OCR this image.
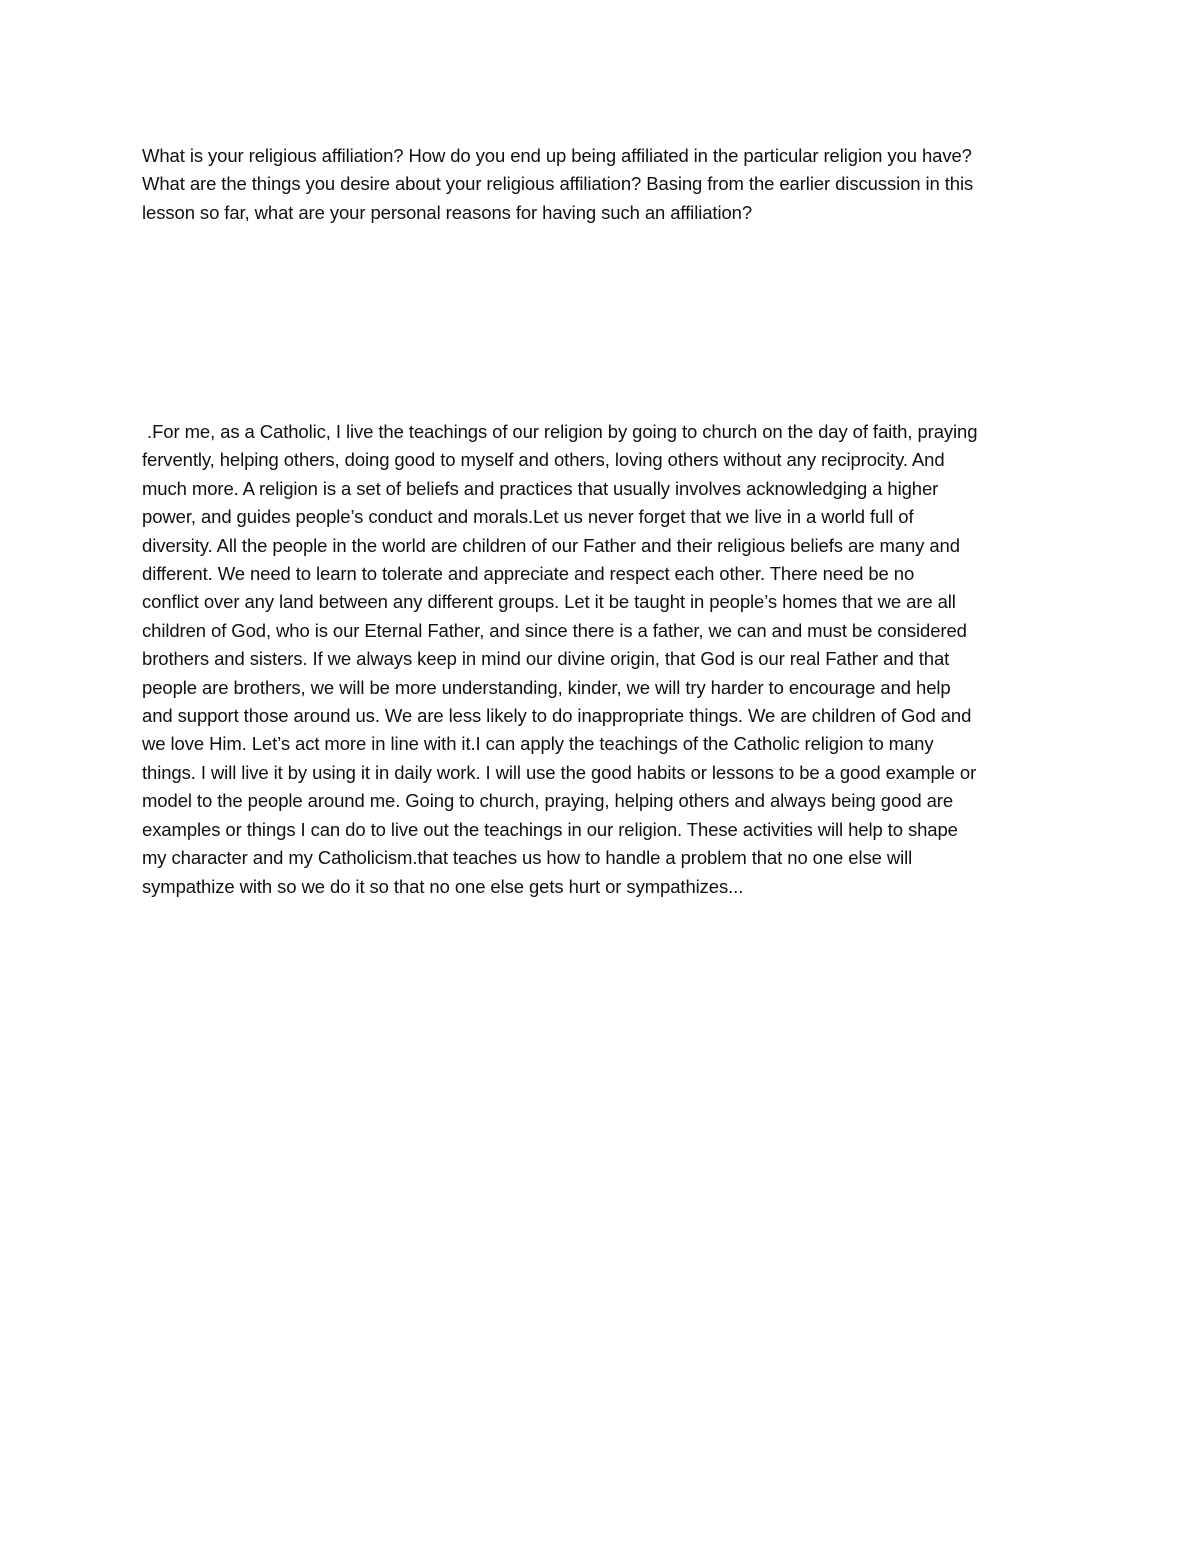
What is your religious affiliation? How do you end up being affiliated in the particular religion you have?
What are the things you desire about your religious affiliation? Basing from the earlier discussion in this
lesson so far, what are your personal reasons for having such an affiliation?

.For me, as a Catholic, I live the teachings of our religion by going to church on the day of faith, praying
fervently, helping others, doing good to myself and others, loving others without any reciprocity. And
much more. A religion is a set of beliefs and practices that usually involves acknowledging a higher
power, and guides people’s conduct and morals.Let us never forget that we live in a world full of
diversity. All the people in the world are children of our Father and their religious beliefs are many and
different. We need to learn to tolerate and appreciate and respect each other. There need be no
conflict over any land between any different groups. Let it be taught in people’s homes that we are all
children of God, who is our Eternal Father, and since there is a father, we can and must be considered
brothers and sisters. If we always keep in mind our divine origin, that God is our real Father and that
people are brothers, we will be more understanding, kinder, we will try harder to encourage and help
and support those around us. We are less likely to do inappropriate things. We are children of God and
we love Him. Let’s act more in line with it.I can apply the teachings of the Catholic religion to many
things. I will live it by using it in daily work. I will use the good habits or lessons to be a good example or
model to the people around me. Going to church, praying, helping others and always being good are
examples or things I can do to live out the teachings in our religion. These activities will help to shape
my character and my Catholicism.that teaches us how to handle a problem that no one else will
sympathize with so we do it so that no one else gets hurt or sympathizes...
